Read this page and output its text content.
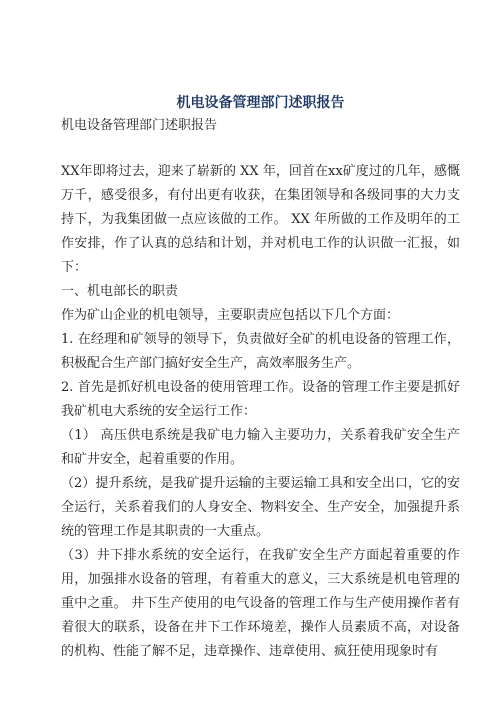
机电设备管理部门述职报告

机电设备管理部门述职报告

XX年即将过去，迎来了崭新的 XX 年，回首在xx矿度过的几年，感慨万千，感受很多，有付出更有收获，在集团领导和各级同事的大力支持下，为我集团做一点应该做的工作。 XX 年所做的工作及明年的工作安排，作了认真的总结和计划，并对机电工作的认识做一汇报，如下：

一、机电部长的职责

作为矿山企业的机电领导，主要职责应包括以下几个方面：

1. 在经理和矿领导的领导下，负责做好全矿的机电设备的管理工作，积极配合生产部门搞好安全生产，高效率服务生产。

2. 首先是抓好机电设备的使用管理工作。设备的管理工作主要是抓好我矿机电大系统的安全运行工作：

（1） 高压供电系统是我矿电力输入主要功力，关系着我矿安全生产和矿井安全，起着重要的作用。

（2）提升系统，是我矿提升运输的主要运输工具和安全出口，它的安全运行，关系着我们的人身安全、物料安全、生产安全，加强提升系统的管理工作是其职责的一大重点。

（3）井下排水系统的安全运行，在我矿安全生产方面起着重要的作用，加强排水设备的管理，有着重大的意义，三大系统是机电管理的重中之重。 井下生产使用的电气设备的管理工作与生产使用操作者有着很大的联系，设备在井下工作环境差，操作人员素质不高，对设备的机构、性能了解不足，违章操作、违章使用、疯狂使用现象时有
